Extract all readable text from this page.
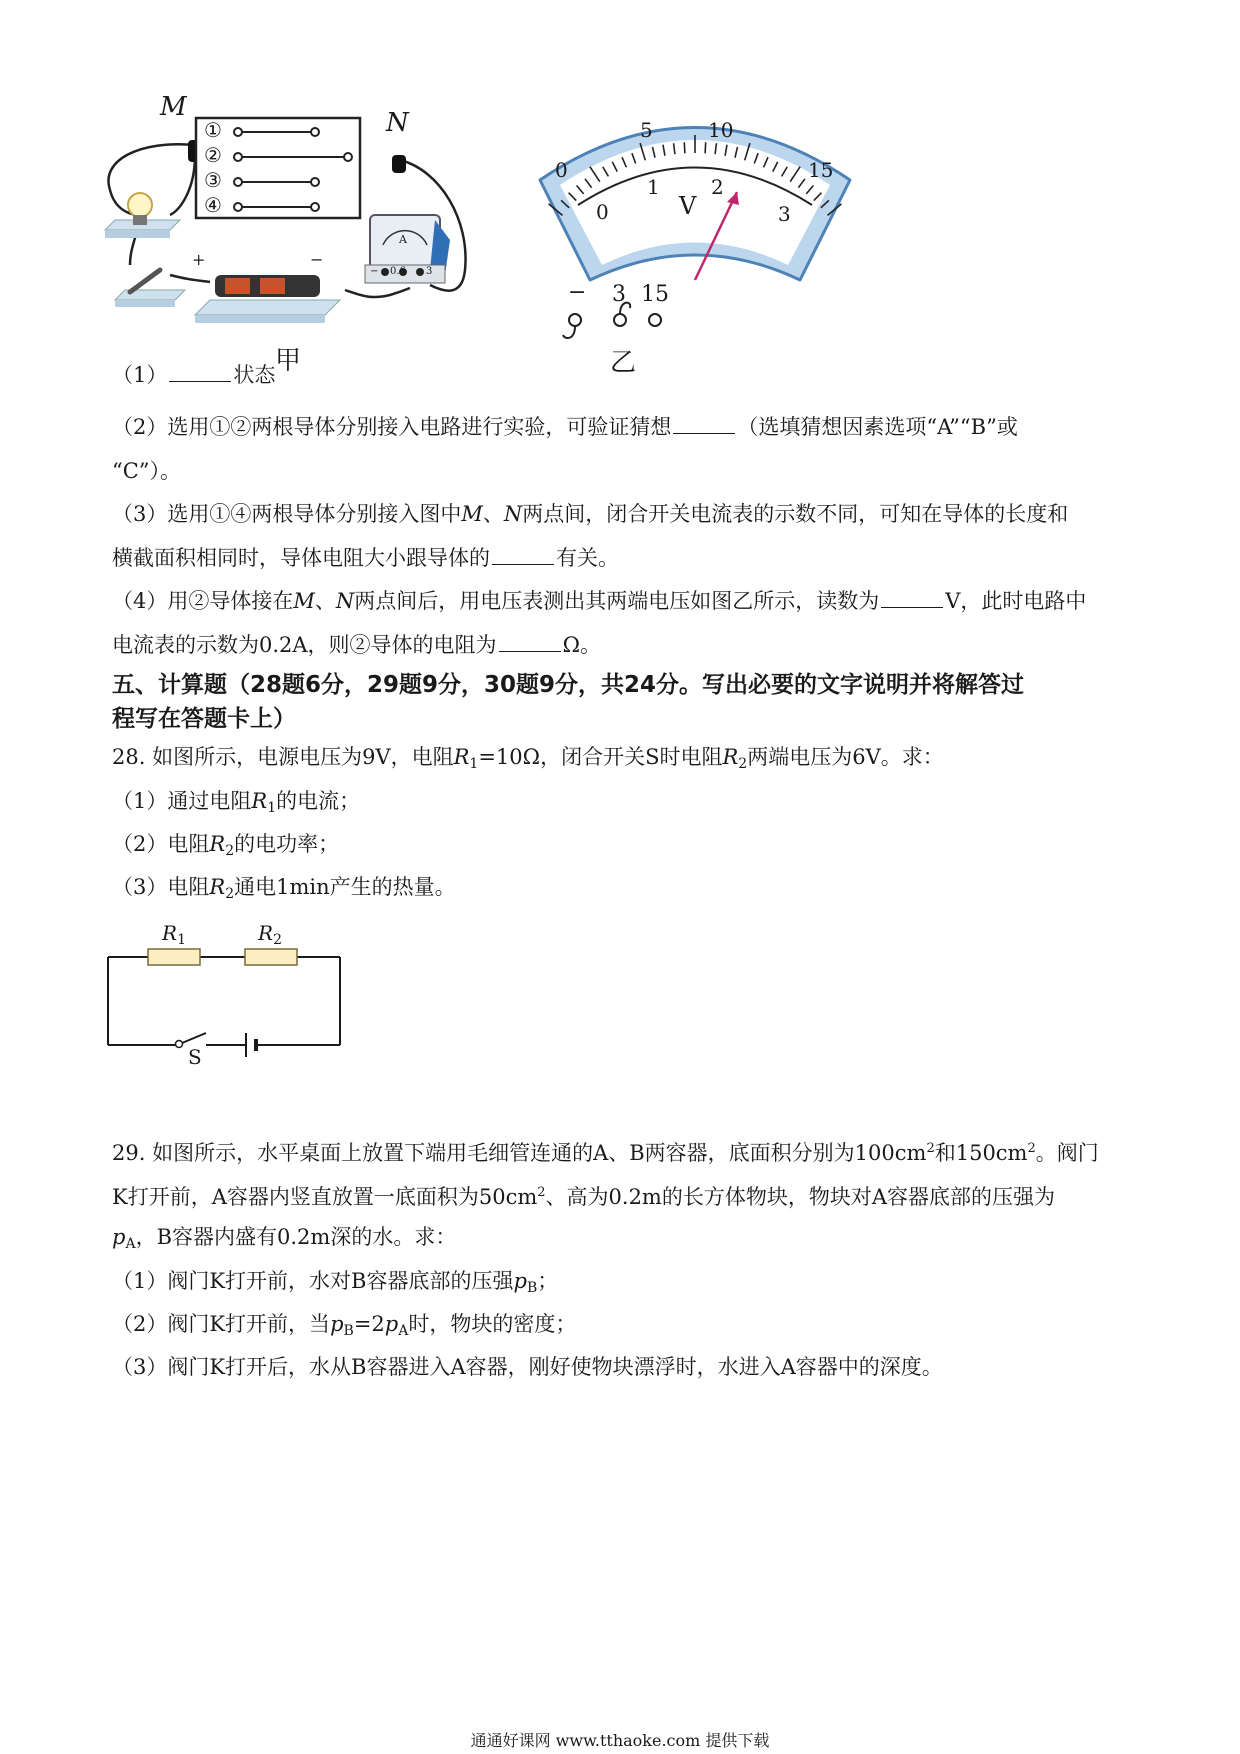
M
N
①
②
③
④
A
− 0.6 3
+	−
甲
0
5	10
15
0
1	2
3
V
− 3 15
乙
（1）	状态
（2）选用①②两根导体分别接入电路进行实验，可验证猜想	（选填猜想因素选项“A”“B”或
“C”）。
（3）选用①④两根导体分别接入图中M、N两点间，闭合开关电流表的示数不同，可知在导体的长度和
横截面积相同时，导体电阻大小跟导体的	有关。
（4）用②导体接在M、N两点间后，用电压表测出其两端电压如图乙所示，读数为	V，此时电路中
电流表的示数为0.2A，则②导体的电阻为	Ω。
五、计算题（28题6分，29题9分，30题9分，共24分。写出必要的文字说明并将解答过
程写在答题卡上）
28. 如图所示，电源电压为9V，电阻$R_1=10\Omega$，闭合开关S时电阻$R_2$两端电压为6V。求：
（1）通过电阻$R_1$的电流；
（2）电阻$R_2$的电功率；
（3）电阻$R_2$通电1min产生的热量。
$R_1$	$R_2$
S
29. 如图所示，水平桌面上放置下端用毛细管连通的A、B两容器，底面积分别为$100cm^2$和$150cm^2$。阀门
K打开前，A容器内竖直放置一底面积为$50cm^2$、高为0.2m的长方体物块，物块对A容器底部的压强为
$p_A$，B容器内盛有0.2m深的水。求：
（1）阀门K打开前，水对B容器底部的压强$p_B$；
（2）阀门K打开前，当$p_B=2p_A$时，物块的密度；
（3）阀门K打开后，水从B容器进入A容器，刚好使物块漂浮时，水进入A容器中的深度。
通通好课网 www.tthaoke.com 提供下载
